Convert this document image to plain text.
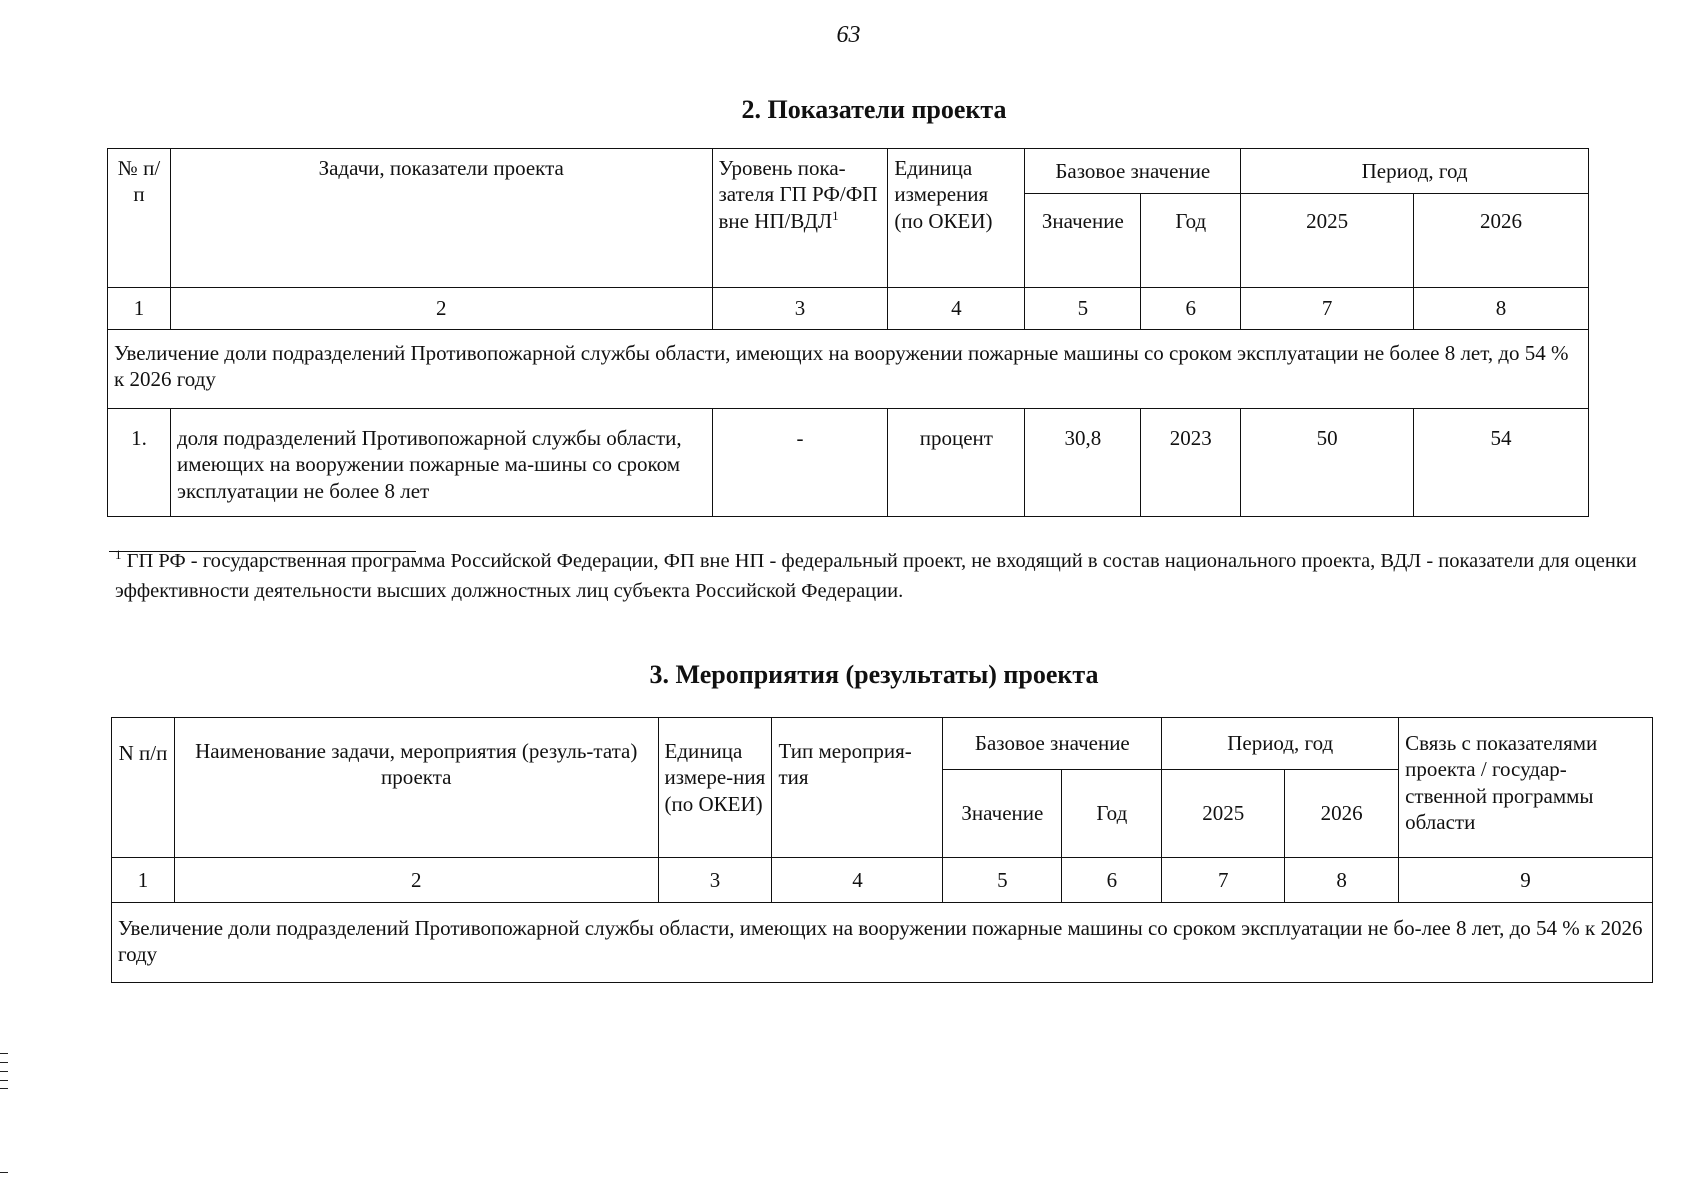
63
2. Показатели проекта
№ п/п	Задачи, показатели проекта	Уровень пока-зателя ГП РФ/ФП вне НП/ВДЛ$^1$	Единица измерения (по ОКЕИ)	Базовое значение		Период, год	
				Значение	Год	2025	2026
1	2	3	4	5	6	7	8
Увеличение доли подразделений Противопожарной службы области, имеющих на вооружении пожарные машины со сроком эксплуатации не более 8 лет, до 54 % к 2026 году							
1.	доля подразделений Противопожарной службы области, имеющих на вооружении пожарные ма-шины со сроком эксплуатации не более 8 лет	-	процент	30,8	2023	50	54
$^1$ ГП РФ - государственная программа Российской Федерации, ФП вне НП - федеральный проект, не входящий в состав национального проекта, ВДЛ - показатели для оценки эффективности деятельности высших должностных лиц субъекта Российской Федерации.
3. Мероприятия (результаты) проекта
N п/п	Наименование задачи, мероприятия (резуль-тата) проекта	Единица измере-ния (по ОКЕИ)	Тип мероприя-тия	Базовое значение		Период, год		Связь с показателями проекта / государ-ственной программы области
				Значение	Год	2025	2026	
1	2	3	4	5	6	7	8	9
Увеличение доли подразделений Противопожарной службы области, имеющих на вооружении пожарные машины со сроком эксплуатации не бо-лее 8 лет, до 54 % к 2026 году								
